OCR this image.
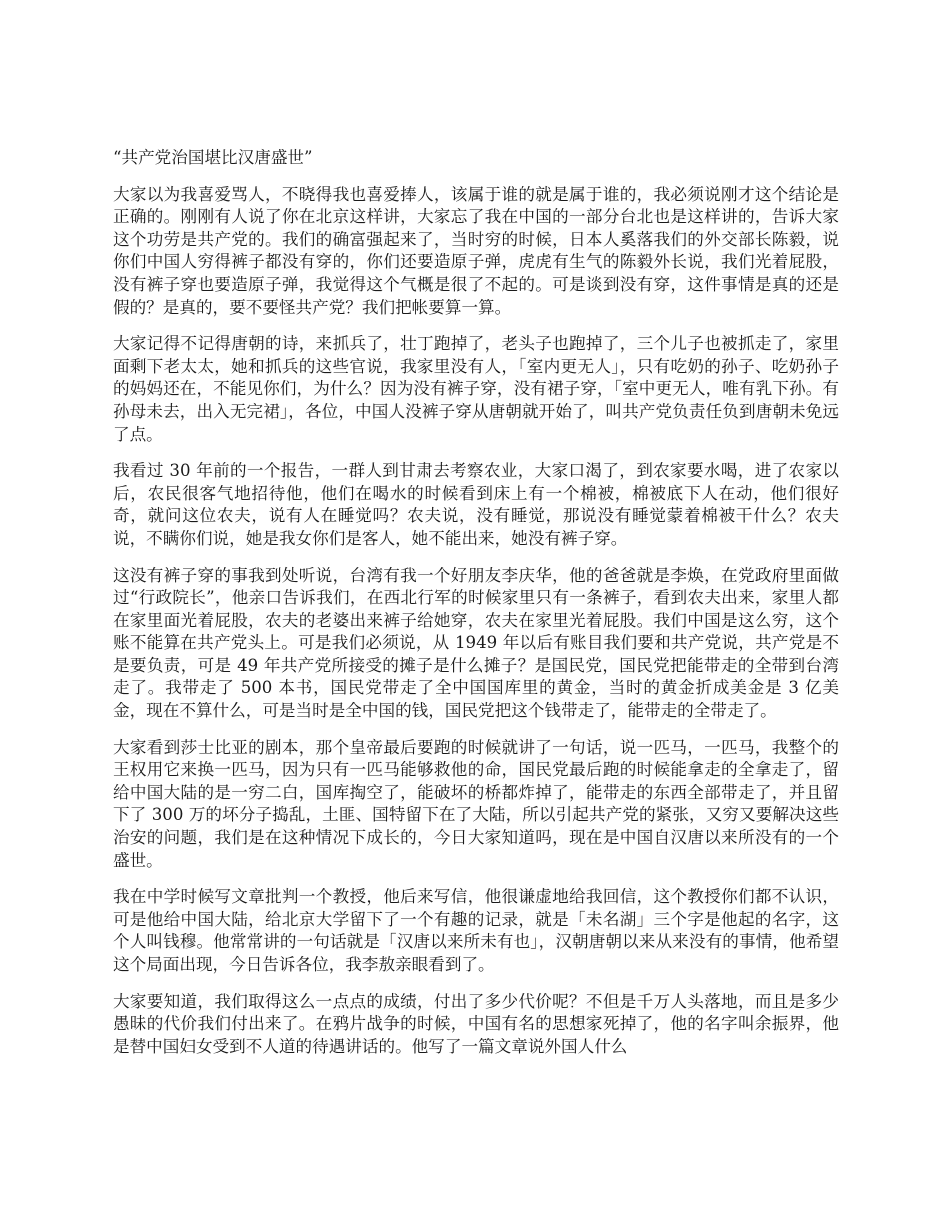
“共产党治国堪比汉唐盛世”

大家以为我喜爱骂人，不晓得我也喜爱捧人，该属于谁的就是属于谁的，我必须说刚才这个结论是正确的。刚刚有人说了你在北京这样讲，大家忘了我在中国的一部分台北也是这样讲的，告诉大家这个功劳是共产党的。我们的确富强起来了，当时穷的时候，日本人奚落我们的外交部长陈毅，说你们中国人穷得裤子都没有穿的，你们还要造原子弹，虎虎有生气的陈毅外长说，我们光着屁股，没有裤子穿也要造原子弹，我觉得这个气概是很了不起的。可是谈到没有穿，这件事情是真的还是假的？是真的，要不要怪共产党？我们把帐要算一算。

大家记得不记得唐朝的诗，来抓兵了，壮丁跑掉了，老头子也跑掉了，三个儿子也被抓走了，家里面剩下老太太，她和抓兵的这些官说，我家里没有人，「室内更无人」，只有吃奶的孙子、吃奶孙子的妈妈还在，不能见你们，为什么？因为没有裤子穿，没有裙子穿，「室中更无人，唯有乳下孙。有孙母未去，出入无完裙」，各位，中国人没裤子穿从唐朝就开始了，叫共产党负责任负到唐朝未免远了点。

我看过 30 年前的一个报告，一群人到甘肃去考察农业，大家口渴了，到农家要水喝，进了农家以后，农民很客气地招待他，他们在喝水的时候看到床上有一个棉被，棉被底下人在动，他们很好奇，就问这位农夫，说有人在睡觉吗？农夫说，没有睡觉，那说没有睡觉蒙着棉被干什么？农夫说，不瞒你们说，她是我女你们是客人，她不能出来，她没有裤子穿。

这没有裤子穿的事我到处听说，台湾有我一个好朋友李庆华，他的爸爸就是李焕，在党政府里面做过“行政院长”，他亲口告诉我们，在西北行军的时候家里只有一条裤子，看到农夫出来，家里人都在家里面光着屁股，农夫的老婆出来裤子给她穿，农夫在家里光着屁股。我们中国是这么穷，这个账不能算在共产党头上。可是我们必须说，从 1949 年以后有账目我们要和共产党说，共产党是不是要负责，可是 49 年共产党所接受的摊子是什么摊子？是国民党，国民党把能带走的全带到台湾走了。我带走了 500 本书，国民党带走了全中国国库里的黄金，当时的黄金折成美金是 3 亿美金，现在不算什么，可是当时是全中国的钱，国民党把这个钱带走了，能带走的全带走了。

大家看到莎士比亚的剧本，那个皇帝最后要跑的时候就讲了一句话，说一匹马，一匹马，我整个的王权用它来换一匹马，因为只有一匹马能够救他的命，国民党最后跑的时候能拿走的全拿走了，留给中国大陆的是一穷二白，国库掏空了，能破坏的桥都炸掉了，能带走的东西全部带走了，并且留下了 300 万的坏分子捣乱，土匪、国特留下在了大陆，所以引起共产党的紧张，又穷又要解决这些治安的问题，我们是在这种情况下成长的，今日大家知道吗，现在是中国自汉唐以来所没有的一个盛世。

我在中学时候写文章批判一个教授，他后来写信，他很谦虚地给我回信，这个教授你们都不认识，可是他给中国大陆，给北京大学留下了一个有趣的记录，就是「未名湖」三个字是他起的名字，这个人叫钱穆。他常常讲的一句话就是「汉唐以来所未有也」，汉朝唐朝以来从来没有的事情，他希望这个局面出现，今日告诉各位，我李敖亲眼看到了。

大家要知道，我们取得这么一点点的成绩，付出了多少代价呢？不但是千万人头落地，而且是多少愚昧的代价我们付出来了。在鸦片战争的时候，中国有名的思想家死掉了，他的名字叫余振界，他是替中国妇女受到不人道的待遇讲话的。他写了一篇文章说外国人什么
